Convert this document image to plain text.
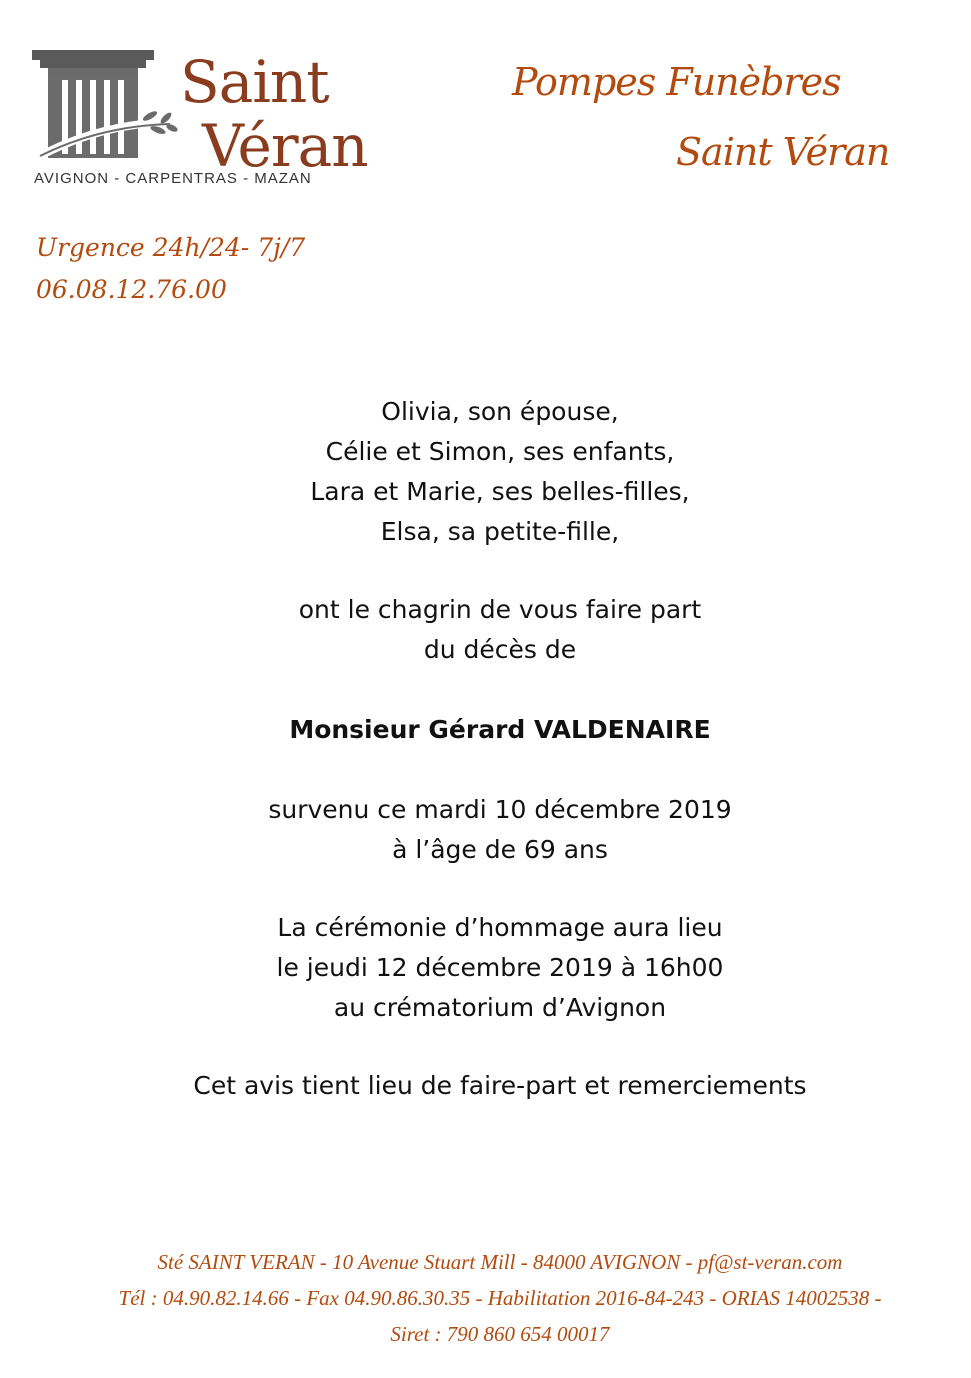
Saint
Véran
AVIGNON - CARPENTRAS - MAZAN
Pompes Funèbres
Saint Véran
Urgence 24h/24- 7j/7
06.08.12.76.00
Olivia, son épouse,
Célie et Simon, ses enfants,
Lara et Marie, ses belles-filles,
Elsa, sa petite-fille,
ont le chagrin de vous faire part
du décès de
Monsieur Gérard VALDENAIRE
survenu ce mardi 10 décembre 2019
à l’âge de 69 ans
La cérémonie d’hommage aura lieu
le jeudi 12 décembre 2019 à 16h00
au crématorium d’Avignon
Cet avis tient lieu de faire-part et remerciements
Sté SAINT VERAN - 10 Avenue Stuart Mill - 84000 AVIGNON - pf@st-veran.com
Tél : 04.90.82.14.66 - Fax 04.90.86.30.35 - Habilitation 2016-84-243 - ORIAS 14002538 -
Siret : 790 860 654 00017
